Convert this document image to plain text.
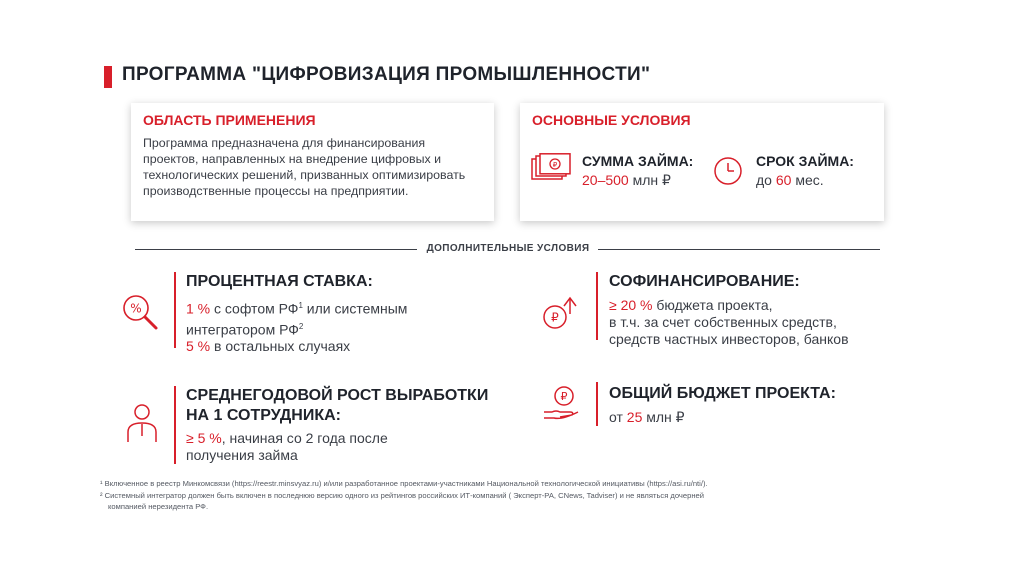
ПРОГРАММА "ЦИФРОВИЗАЦИЯ ПРОМЫШЛЕННОСТИ"
ОБЛАСТЬ ПРИМЕНЕНИЯ
Программа предназначена для финансирования
проектов, направленных на внедрение цифровых и
технологических решений, призванных оптимизировать
производственные процессы на предприятии.
ОСНОВНЫЕ УСЛОВИЯ
₽ СУММА ЗАЙМА:
20–500 млн ₽
СРОК ЗАЙМА:
до 60 мес.
ДОПОЛНИТЕЛЬНЫЕ УСЛОВИЯ
%
ПРОЦЕНТНАЯ СТАВКА:
1 % с софтом $РФ^1$ или системным
интегратором $РФ^2$
5 % в остальных случаях
₽
СОФИНАНСИРОВАНИЕ:
≥ 20 % бюджета проекта,
в т.ч. за счет собственных средств,
средств частных инвесторов, банков
СРЕДНЕГОДОВОЙ РОСТ ВЫРАБОТКИ
НА 1 СОТРУДНИКА:
≥ 5 %, начиная со 2 года после
получения займа
₽	ОБЩИЙ БЮДЖЕТ ПРОЕКТА:
от 25 млн ₽
¹ Включенное в реестр Минкомсвязи (https://reestr.minsvyaz.ru) и/или разработанное проектами-участниками Национальной технологической инициативы (https://asi.ru/nti/).
² Системный интегратор должен быть включен в последнюю версию одного из рейтингов российских ИТ-компаний ( Эксперт-РА, CNews, Tadviser) и не являться дочерней
компанией нерезидента РФ.
